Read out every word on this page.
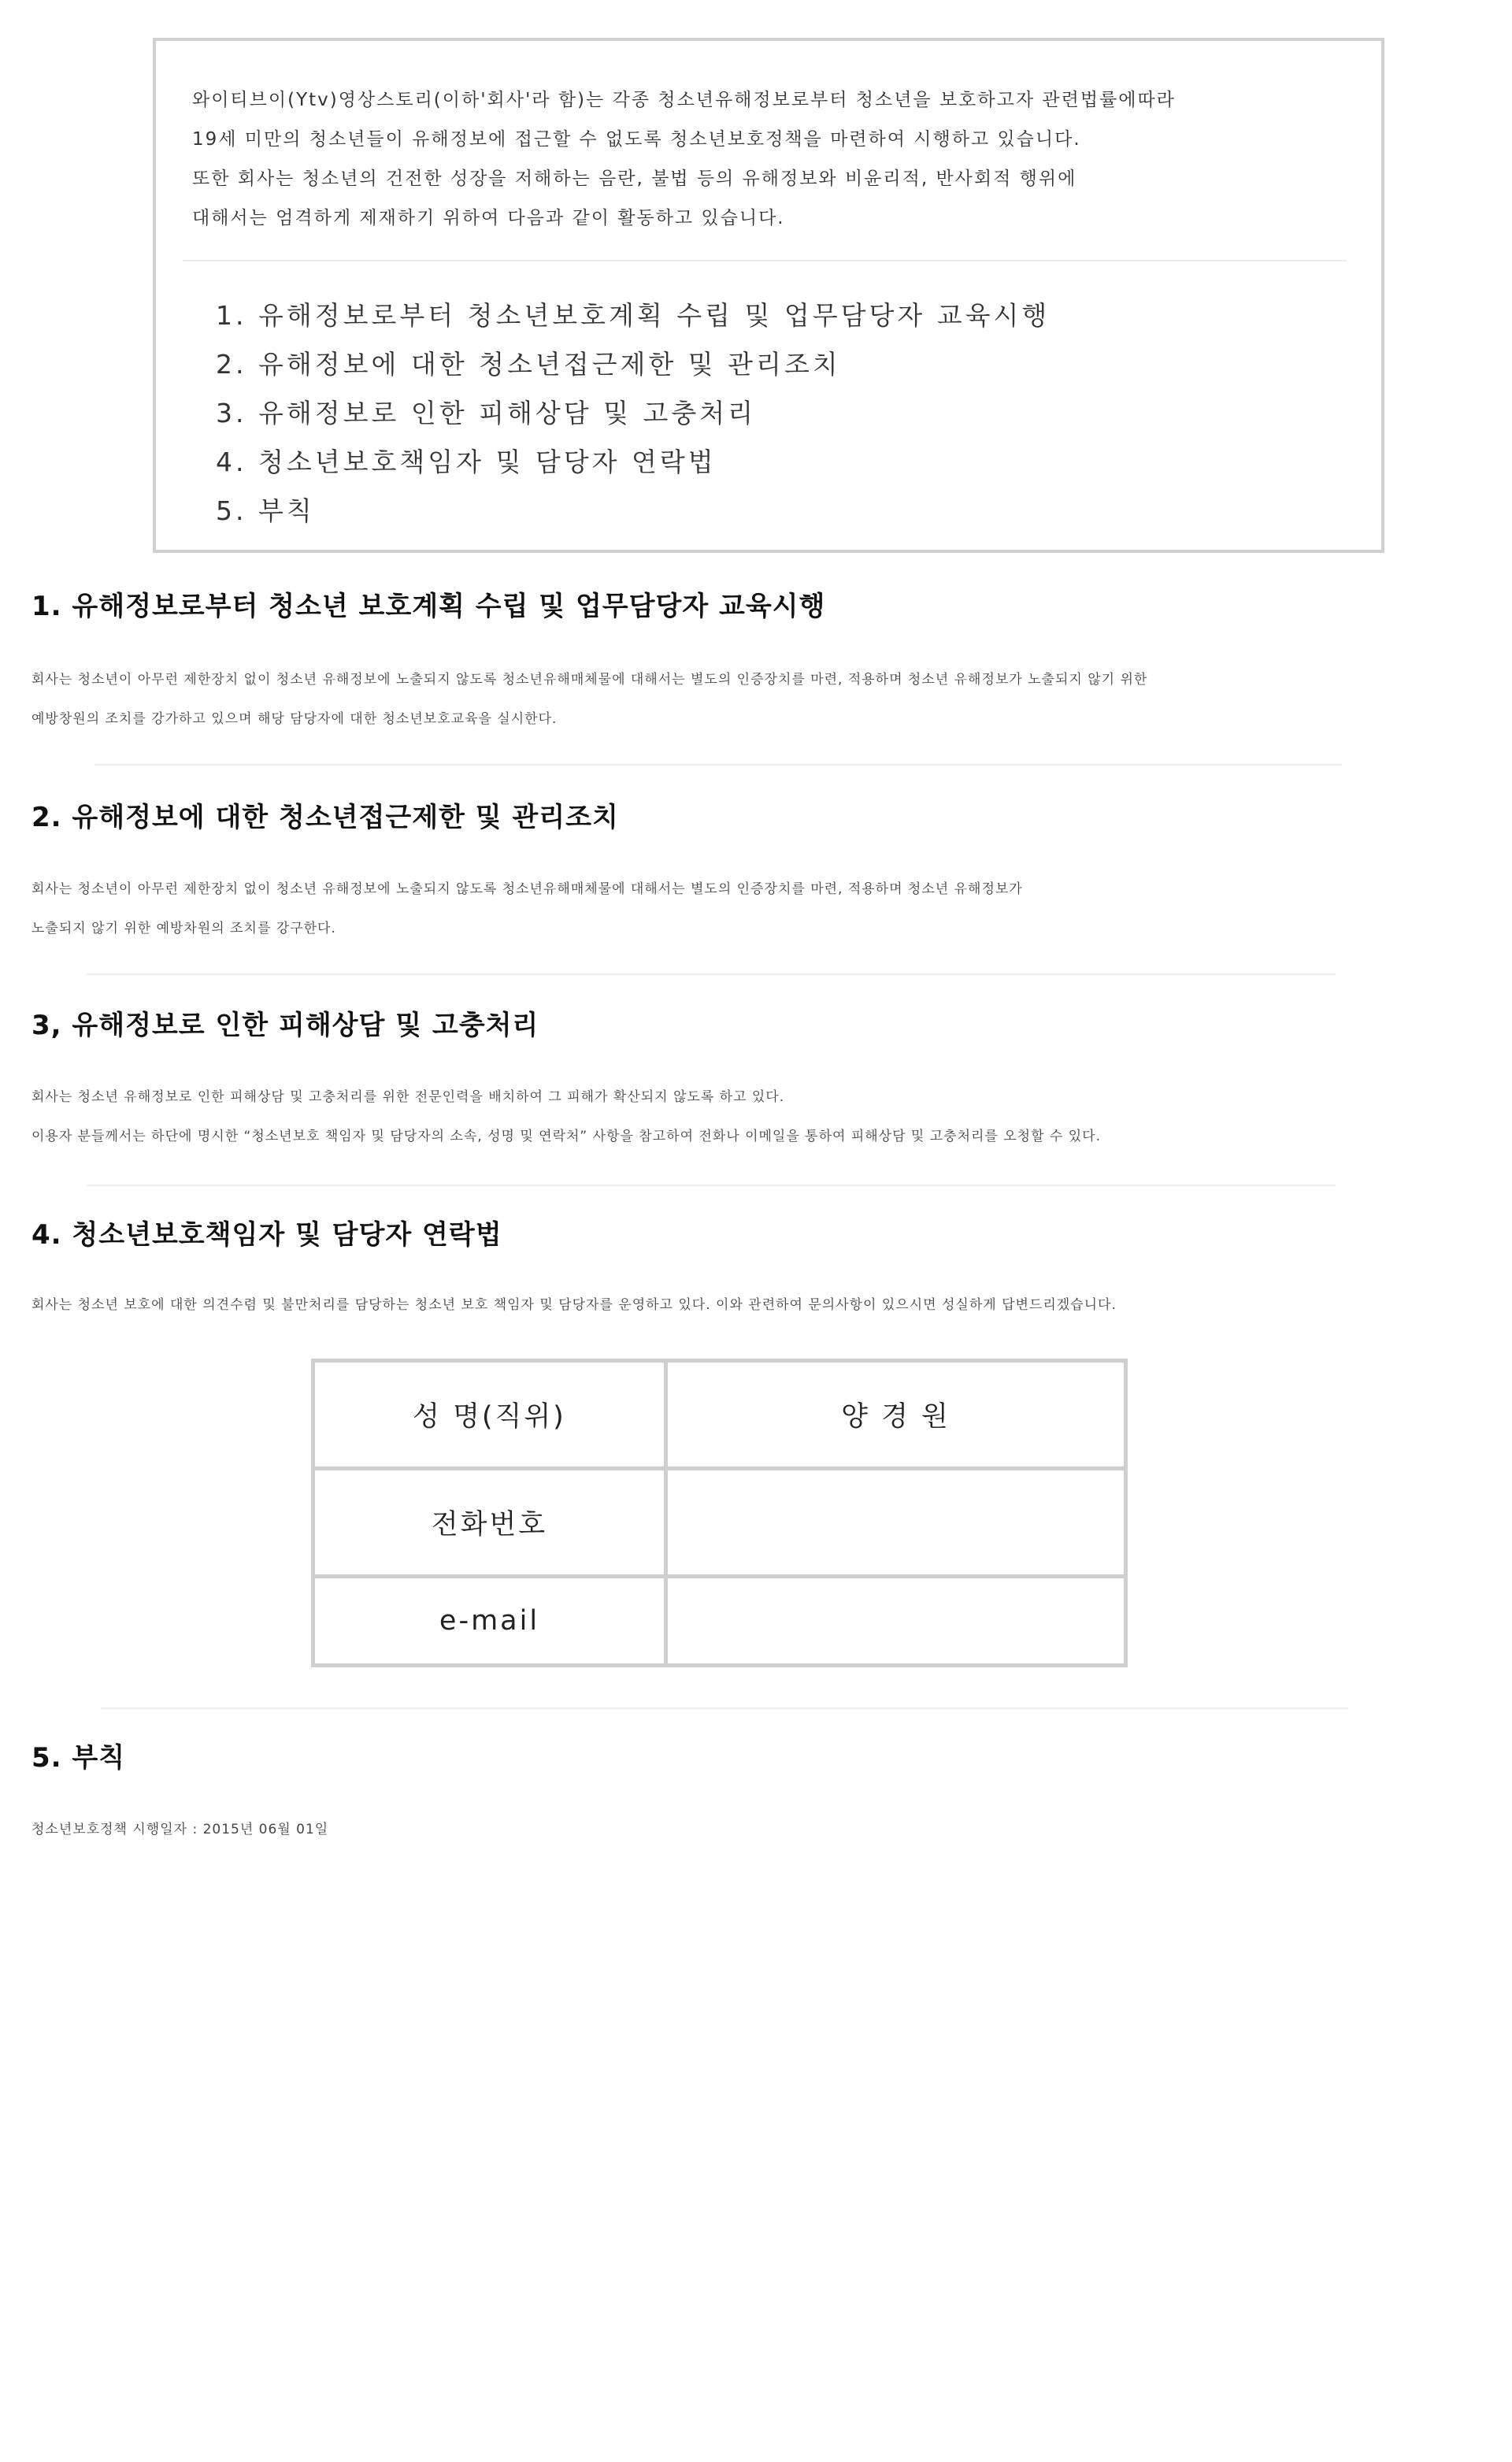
와이티브이(Ytv)영상스토리(이하'회사'라 함)는 각종 청소년유해정보로부터 청소년을 보호하고자 관련법률에따라
19세 미만의 청소년들이 유해정보에 접근할 수 없도록 청소년보호정책을 마련하여 시행하고 있습니다.
또한 회사는 청소년의 건전한 성장을 저해하는 음란, 불법 등의 유해정보와 비윤리적, 반사회적 행위에
대해서는 엄격하게 제재하기 위하여 다음과 같이 활동하고 있습니다.
1. 유해정보로부터 청소년보호계획 수립 및 업무담당자 교육시행
2. 유해정보에 대한 청소년접근제한 및 관리조치
3. 유해정보로 인한 피해상담 및 고충처리
4. 청소년보호책임자 및 담당자 연락법
5. 부칙
1. 유해정보로부터 청소년 보호계획 수립 및 업무담당자 교육시행
회사는 청소년이 아무런 제한장치 없이 청소년 유해정보에 노출되지 않도록 청소년유해매체물에 대해서는 별도의 인증장치를 마련, 적용하며 청소년 유해정보가 노출되지 않기 위한
예방창원의 조치를 강가하고 있으며 해당 담당자에 대한 청소년보호교육을 실시한다.
2. 유해정보에 대한 청소년접근제한 및 관리조치
회사는 청소년이 아무런 제한장치 없이 청소년 유해정보에 노출되지 않도록 청소년유해매체물에 대해서는 별도의 인증장치를 마련, 적용하며 청소년 유해정보가
노출되지 않기 위한 예방차원의 조치를 강구한다.
3, 유해정보로 인한 피해상담 및 고충처리
회사는 청소년 유해정보로 인한 피해상담 및 고충처리를 위한 전문인력을 배치하여 그 피해가 확산되지 않도록 하고 있다.
이용자 분들께서는 하단에 명시한 “청소년보호 책임자 및 담당자의 소속, 성명 및 연락처” 사항을 참고하여 전화나 이메일을 통하여 피해상담 및 고충처리를 오청할 수 있다.
4. 청소년보호책임자 및 담당자 연락법
회사는 청소년 보호에 대한 의견수렴 및 불만처리를 담당하는 청소년 보호 책임자 및 담당자를 운영하고 있다. 이와 관련하여 문의사항이 있으시면 성실하게 답변드리겠습니다.
성 명(직위)	양 경 원
전화번호	
e-mail	
5. 부칙
청소년보호정책 시행일자 : 2015년 06월 01일
